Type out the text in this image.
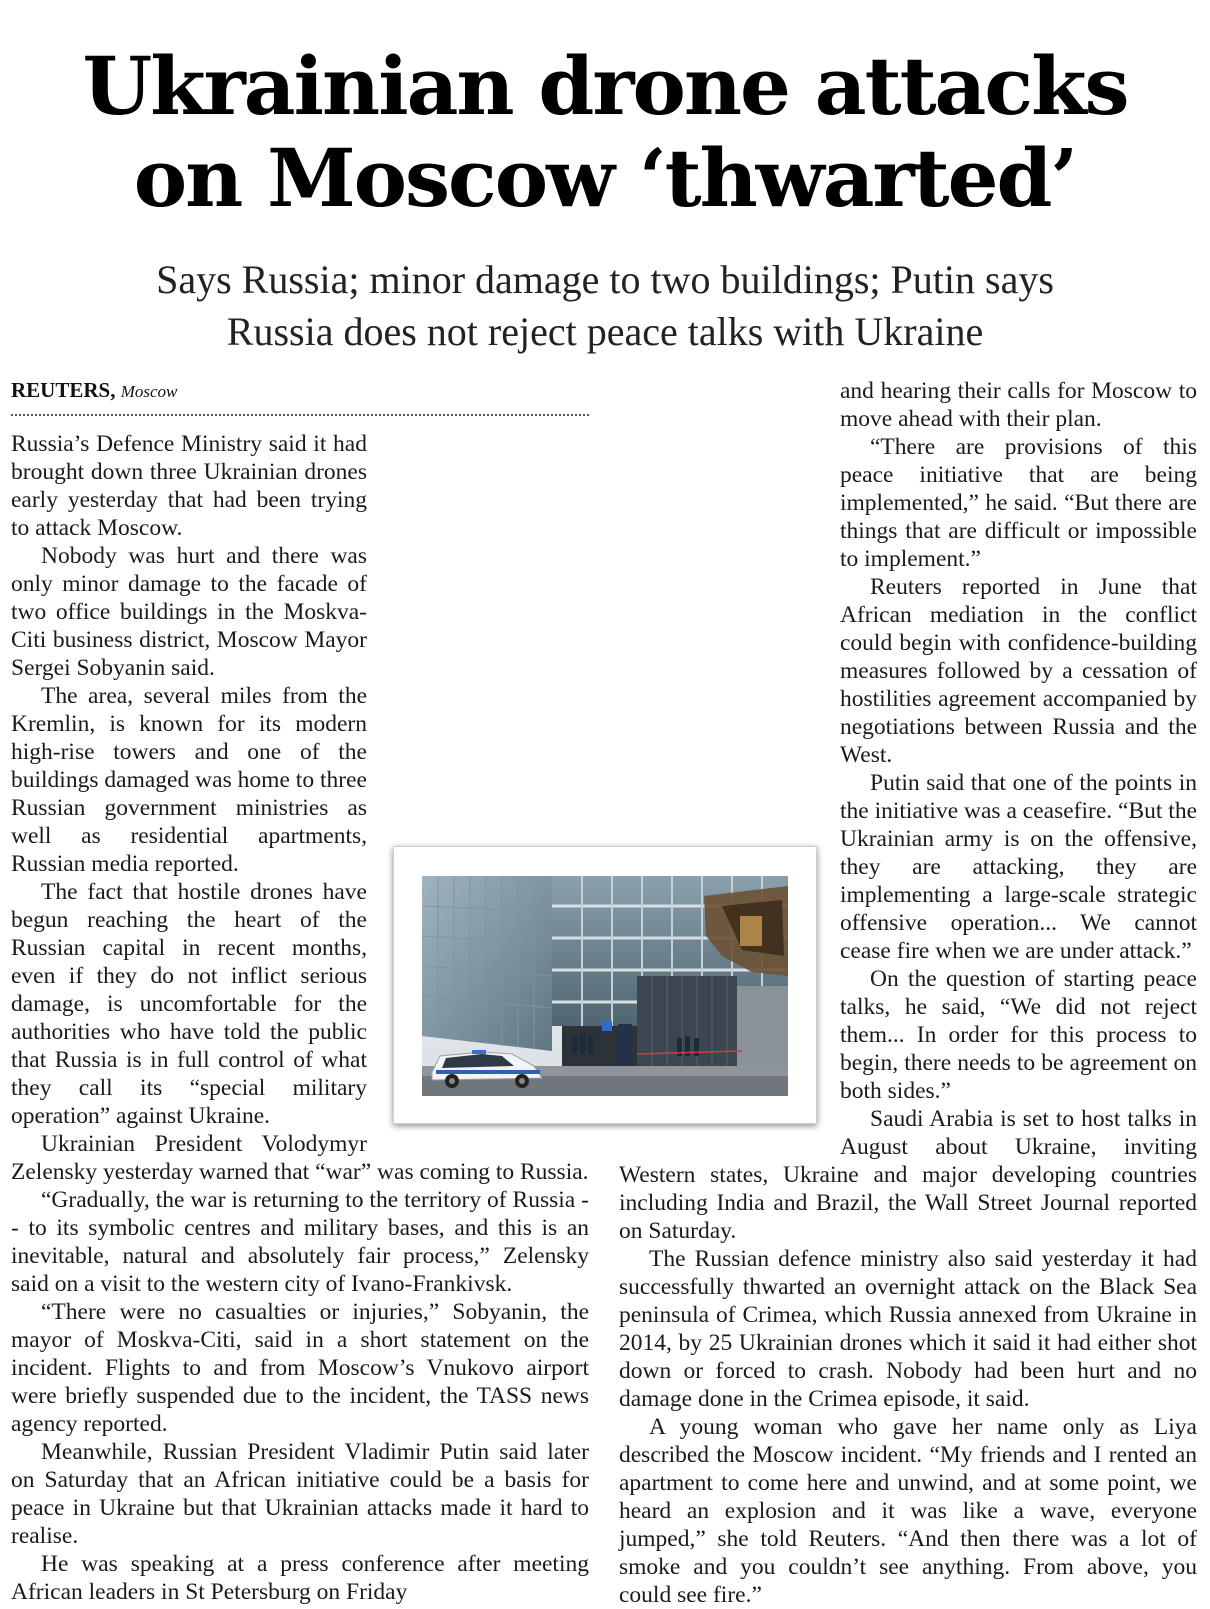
Ukrainian drone attacks
on Moscow ‘thwarted’
Says Russia; minor damage to two buildings; Putin says
Russia does not reject peace talks with Ukraine
REUTERS, Moscow

Russia’s Defence Ministry said it had brought down three Ukrainian drones early yesterday that had been trying to attack Moscow.

Nobody was hurt and there was only minor damage to the facade of two office buildings in the Moskva-Citi business district, Moscow Mayor Sergei Sobyanin said.

The area, several miles from the Kremlin, is known for its modern high-rise towers and one of the buildings damaged was home to three Russian government ministries as well as residential apartments, Russian media reported.

The fact that hostile drones have begun reaching the heart of the Russian capital in recent months, even if they do not inflict serious damage, is uncomfortable for the authorities who have told the public that Russia is in full control of what they call its “special military operation” against Ukraine.

Ukrainian President Volodymyr Zelensky yesterday warned that “war” was coming to Russia.

“Gradually, the war is returning to the territory of Russia -- to its symbolic centres and military bases, and this is an inevitable, natural and absolutely fair process,” Zelensky said on a visit to the western city of Ivano-Frankivsk.

“There were no casualties or injuries,” Sobyanin, the mayor of Moskva-Citi, said in a short statement on the incident. Flights to and from Moscow’s Vnukovo airport were briefly suspended due to the incident, the TASS news agency reported.

Meanwhile, Russian President Vladimir Putin said later on Saturday that an African initiative could be a basis for peace in Ukraine but that Ukrainian attacks made it hard to realise.

He was speaking at a press conference after meeting African leaders in St Petersburg on Friday

and hearing their calls for Moscow to move ahead with their plan.

“There are provisions of this peace initiative that are being implemented,” he said. “But there are things that are difficult or impossible to implement.”

Reuters reported in June that African mediation in the conflict could begin with confidence-building measures followed by a cessation of hostilities agreement accompanied by negotiations between Russia and the West.

Putin said that one of the points in the initiative was a ceasefire. “But the Ukrainian army is on the offensive, they are attacking, they are implementing a large-scale strategic offensive operation... We cannot cease fire when we are under attack.”

On the question of starting peace talks, he said, “We did not reject them... In order for this process to begin, there needs to be agreement on both sides.”

Saudi Arabia is set to host talks in August about Ukraine, inviting Western states, Ukraine and major developing countries including India and Brazil, the Wall Street Journal reported on Saturday.

The Russian defence ministry also said yesterday it had successfully thwarted an overnight attack on the Black Sea peninsula of Crimea, which Russia annexed from Ukraine in 2014, by 25 Ukrainian drones which it said it had either shot down or forced to crash. Nobody had been hurt and no damage done in the Crimea episode, it said.

A young woman who gave her name only as Liya described the Moscow incident. “My friends and I rented an apartment to come here and unwind, and at some point, we heard an explosion and it was like a wave, everyone jumped,” she told Reuters. “And then there was a lot of smoke and you couldn’t see anything. From above, you could see fire.”
